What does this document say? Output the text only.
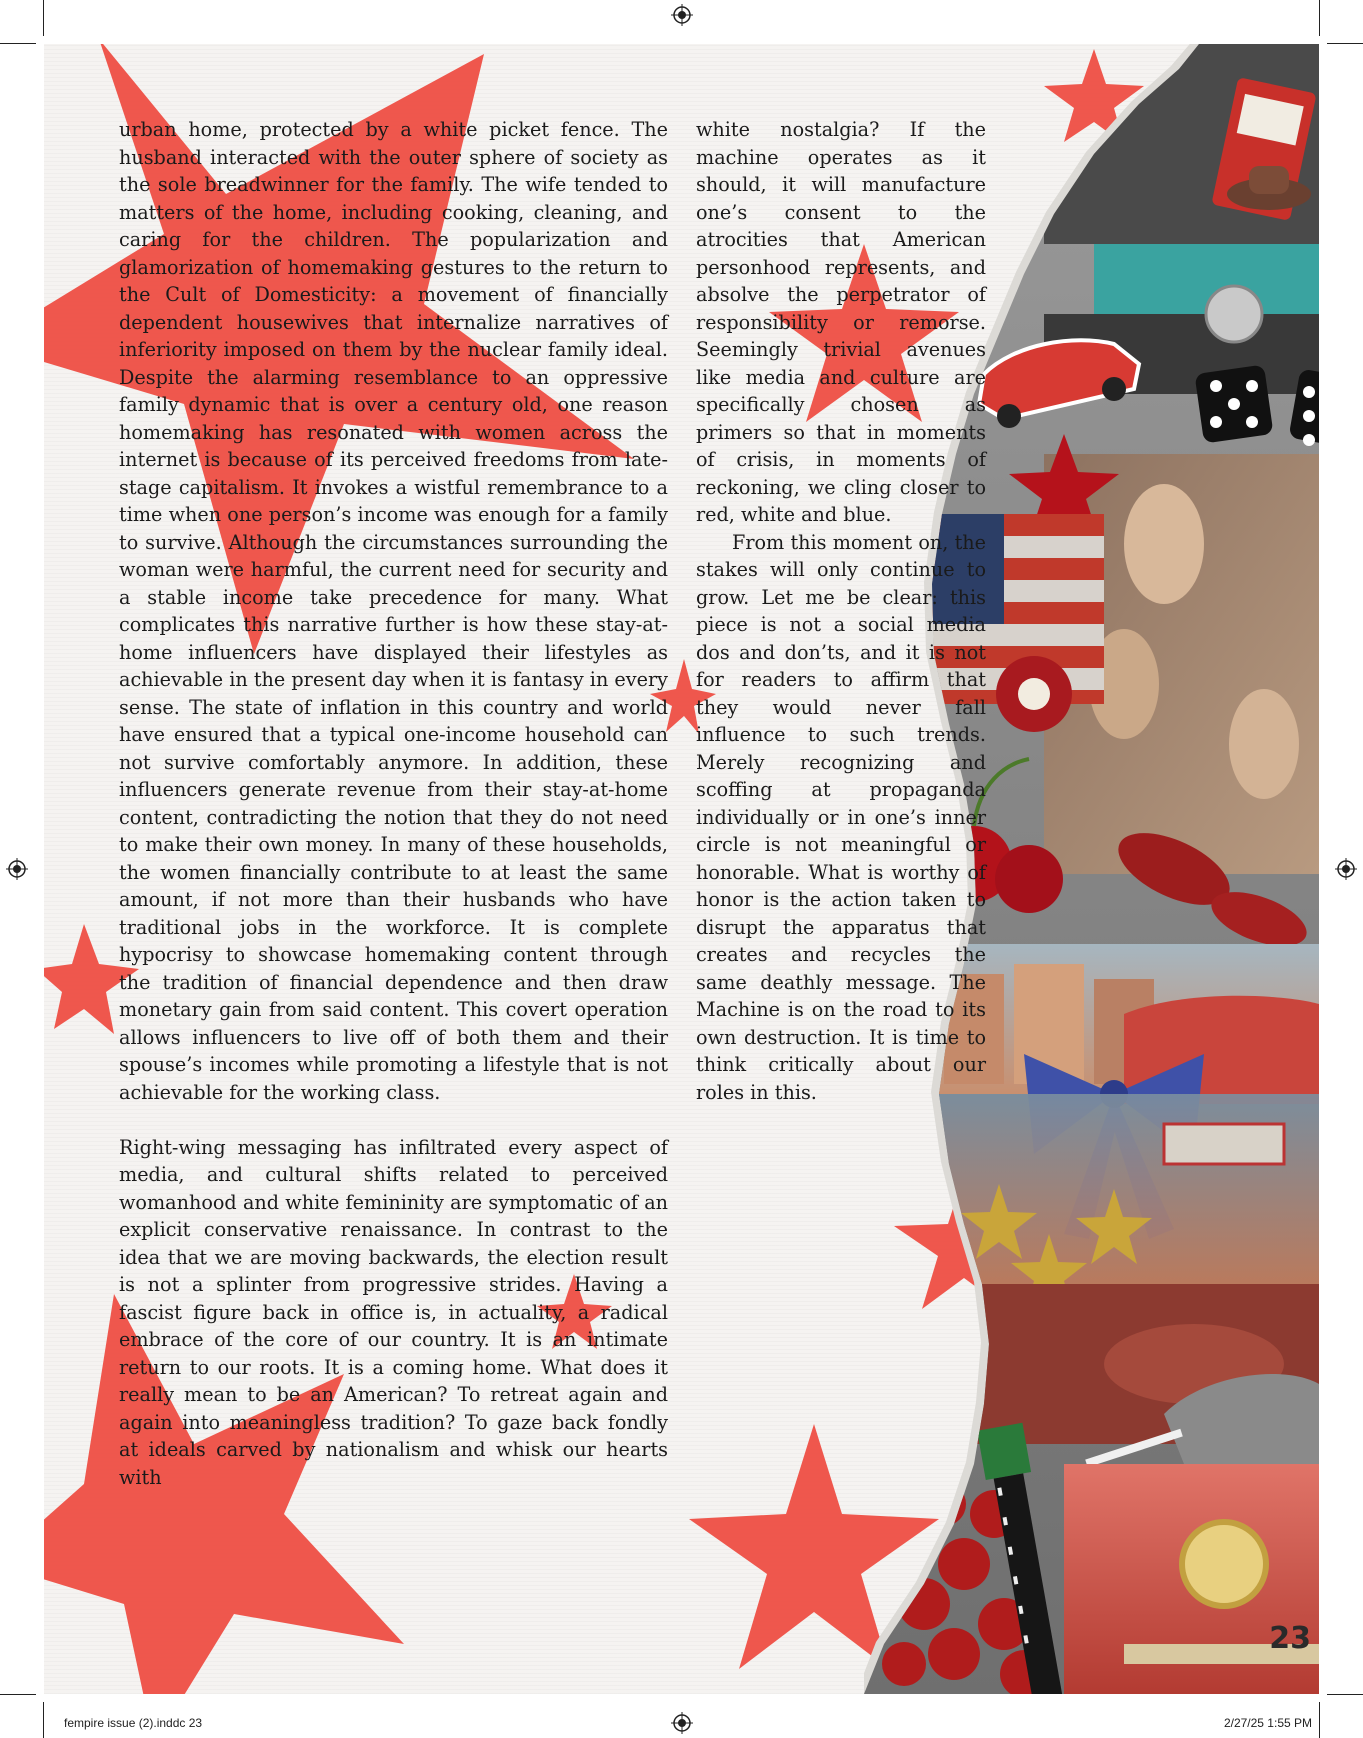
urban home, protected by a white picket fence. The husband interacted with the outer sphere of society as the sole breadwinner for the family. The wife tended to matters of the home, including cooking, cleaning, and caring for the children. The popularization and glamorization of homemaking gestures to the return to the Cult of Domesticity: a movement of financially dependent housewives that internalize narratives of inferiority imposed on them by the nuclear family ideal. Despite the alarming resemblance to an oppressive family dynamic that is over a century old, one reason homemaking has resonated with women across the internet is because of its perceived freedoms from late-stage capitalism. It invokes a wistful remembrance to a time when one person’s income was enough for a family to survive. Although the circumstances surrounding the woman were harmful, the current need for security and a stable income take precedence for many. What complicates this narrative further is how these stay-at-home influencers have displayed their lifestyles as achievable in the present day when it is fantasy in every sense. The state of inflation in this country and world have ensured that a typical one-income household can not survive comfortably anymore. In addition, these influencers generate revenue from their stay-at-home content, contradicting the notion that they do not need to make their own money. In many of these households, the women financially contribute to at least the same amount, if not more than their husbands who have traditional jobs in the workforce. It is complete hypocrisy to showcase homemaking content through the tradition of financial dependence and then draw monetary gain from said content. This covert operation allows influencers to live off of both them and their spouse’s incomes while promoting a lifestyle that is not achievable for the working class.

Right-wing messaging has infiltrated every aspect of media, and cultural shifts related to perceived womanhood and white femininity are symptomatic of an explicit conservative renaissance. In contrast to the idea that we are moving backwards, the election result is not a splinter from progressive strides. Having a fascist figure back in office is, in actuality, a radical embrace of the core of our country. It is an intimate return to our roots. It is a coming home. What does it really mean to be an American? To retreat again and again into meaningless tradition? To gaze back fondly at ideals carved by nationalism and whisk our hearts with

white nostalgia? If the machine operates as it should, it will manufacture one’s consent to the atrocities that American personhood represents, and absolve the perpetrator of responsibility or remorse. Seemingly trivial avenues like media and culture are specifically chosen as primers so that in moments of crisis, in moments of reckoning, we cling closer to red, white and blue.

From this moment on, the stakes will only continue to grow. Let me be clear: this piece is not a social media dos and don’ts, and it is not for readers to affirm that they would never fall influence to such trends. Merely recognizing and scoffing at propaganda individually or in one’s inner circle is not meaningful or honorable. What is worthy of honor is the action taken to disrupt the apparatus that creates and recycles the same deathly message. The Machine is on the road to its own destruction. It is time to think critically about our roles in this.

23
fempire issue (2).inddc 23	2/27/25 1:55 PM
